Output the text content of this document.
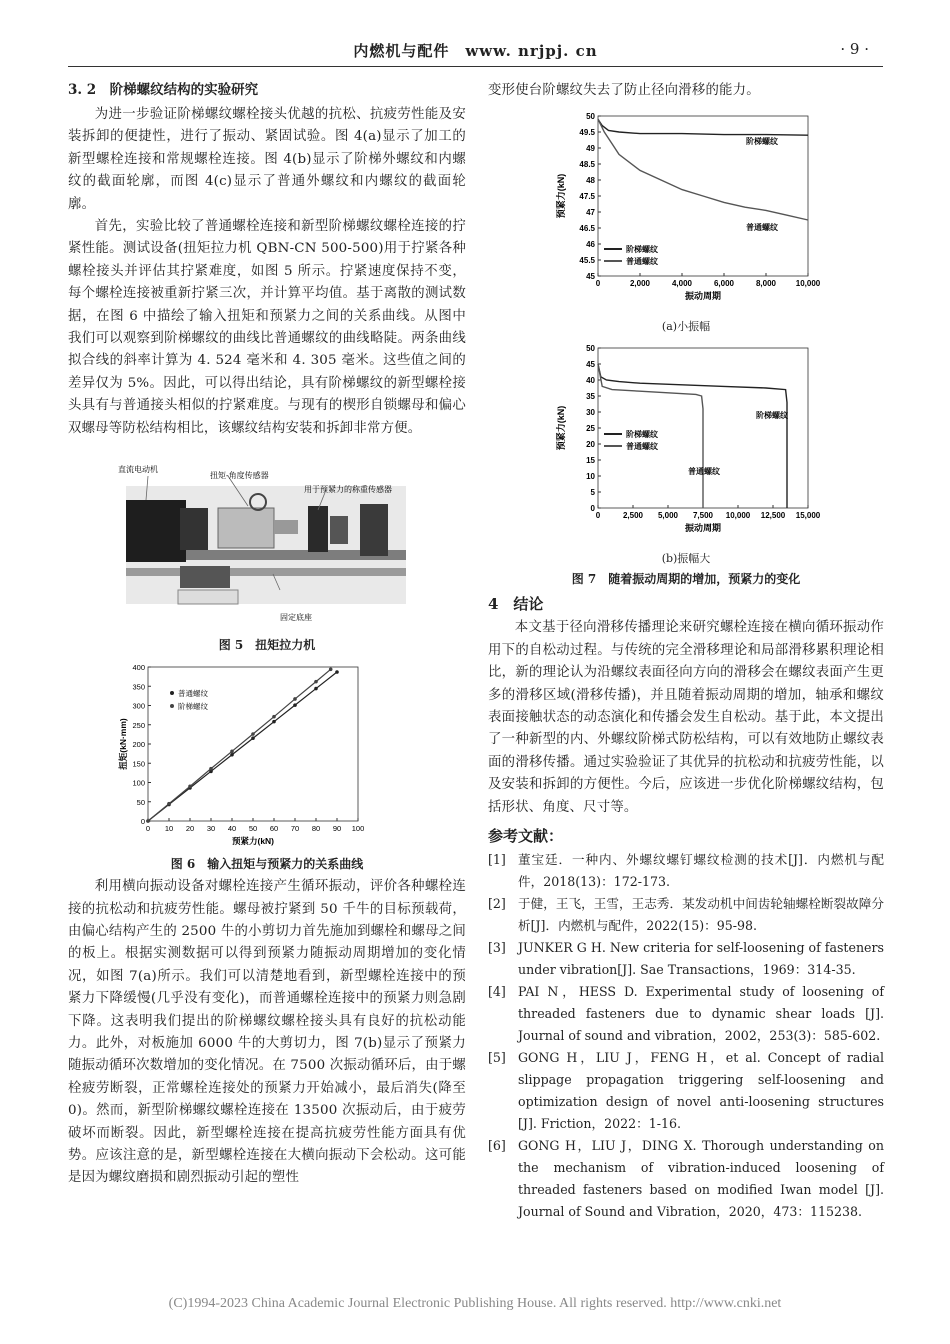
内燃机与配件　www. nrjpj. cn	· 9 ·
3. 2　阶梯螺纹结构的实验研究

为进一步验证阶梯螺纹螺栓接头优越的抗松、抗疲劳性能及安装拆卸的便捷性，进行了振动、紧固试验。图 4(a)显示了加工的新型螺栓连接和常规螺栓连接。图 4(b)显示了阶梯外螺纹和内螺纹的截面轮廓，而图 4(c)显示了普通外螺纹和内螺纹的截面轮廓。

首先，实验比较了普通螺栓连接和新型阶梯螺纹螺栓连接的拧紧性能。测试设备(扭矩拉力机 QBN-CN 500-500)用于拧紧各种螺栓接头并评估其拧紧难度，如图 5 所示。拧紧速度保持不变，每个螺栓连接被重新拧紧三次，并计算平均值。基于离散的测试数据，在图 6 中描绘了输入扭矩和预紧力之间的关系曲线。从图中我们可以观察到阶梯螺纹的曲线比普通螺纹的曲线略陡。两条曲线拟合线的斜率计算为 4. 524 毫米和 4. 305 毫米。这些值之间的差异仅为 5%。因此，可以得出结论，具有阶梯螺纹的新型螺栓接头具有与普通接头相似的拧紧难度。与现有的楔形自锁螺母和偏心双螺母等防松结构相比，该螺纹结构安装和拆卸非常方便。

直流电动机
扭矩-角度传感器
用于预紧力的称重传感器
固定底座
图 5　扭矩拉力机
0 10 20 30 40 50 60 70 80 90 100
0
50
100
150
200
250
300
350
400
预紧力(kN)
扭矩(kN·mm)
普通螺纹
阶梯螺纹
图 6　输入扭矩与预紧力的关系曲线

利用横向振动设备对螺栓连接产生循环振动，评价各种螺栓连接的抗松动和抗疲劳性能。螺母被拧紧到 50 千牛的目标预载荷，由偏心结构产生的 2500 牛的小剪切力首先施加到螺栓和螺母之间的板上。根据实测数据可以得到预紧力随振动周期增加的变化情况，如图 7(a)所示。我们可以清楚地看到，新型螺栓连接中的预紧力下降缓慢(几乎没有变化)，而普通螺栓连接中的预紧力则急剧下降。这表明我们提出的阶梯螺纹螺栓接头具有良好的抗松动能力。此外，对板施加 6000 牛的大剪切力，图 7(b)显示了预紧力随振动循环次数增加的变化情况。在 7500 次振动循环后，由于螺栓疲劳断裂，正常螺栓连接处的预紧力开始减小，最后消失(降至 0)。然而，新型阶梯螺纹螺栓连接在 13500 次振动后，由于疲劳破坏而断裂。因此，新型螺栓连接在提高抗疲劳性能方面具有优势。应该注意的是，新型螺栓连接在大横向振动下会松动。这可能是因为螺纹磨损和剧烈振动引起的塑性

变形使台阶螺纹失去了防止径向滑移的能力。

0	2,000	4,000	6,000	8,000 10,000
45
45.5
46
46.5
47
47.5
48
48.5
49
49.5
50
振动周期
预紧力(kN)
阶梯螺纹
普通螺纹
阶梯螺纹
普通螺纹
(a)小振幅
0	2,500 5,000 7,500 10,000 12,500 15,000
0
5
10
15
20
25
30
35
40
45
50
振动周期
预紧力(kN)	阶梯螺纹
普通螺纹
阶梯螺纹
普通螺纹
(b)振幅大
图 7　随着振动周期的增加，预紧力的变化
4　结论

本文基于径向滑移传播理论来研究螺栓连接在横向循环振动作用下的自松动过程。与传统的完全滑移理论和局部滑移累积理论相比，新的理论认为沿螺纹表面径向方向的滑移会在螺纹表面产生更多的滑移区域(滑移传播)，并且随着振动周期的增加，轴承和螺纹表面接触状态的动态演化和传播会发生自松动。基于此，本文提出了一种新型的内、外螺纹阶梯式防松结构，可以有效地防止螺纹表面的滑移传播。通过实验验证了其优异的抗松动和抗疲劳性能，以及安装和拆卸的方便性。今后，应该进一步优化阶梯螺纹结构，包括形状、角度、尺寸等。

参考文献：
[1] 董宝廷．一种内、外螺纹螺钉螺纹检测的技术[J]．内燃机与配件，2018(13)：172-173.
[2] 于健，王飞，王雪，王志秀．某发动机中间齿轮轴螺栓断裂故障分析[J]．内燃机与配件，2022(15)：95-98.
[3] JUNKER G H. New criteria for self-loosening of fasteners under vibration[J]. Sae Transactions，1969：314-35.
[4] PAI N，HESS D. Experimental study of loosening of threaded fasteners due to dynamic shear loads [J]. Journal of sound and vibration，2002，253(3)：585-602.
[5] GONG H，LIU J，FENG H，et al. Concept of radial slippage propagation triggering self-loosening and optimization design of novel anti-loosening structures [J]. Friction，2022：1-16.
[6] GONG H，LIU J，DING X. Thorough understanding on the mechanism of vibration-induced loosening of threaded fasteners based on modified Iwan model [J]. Journal of Sound and Vibration，2020，473：115238.
(C)1994-2023 China Academic Journal Electronic Publishing House. All rights reserved. http://www.cnki.net
